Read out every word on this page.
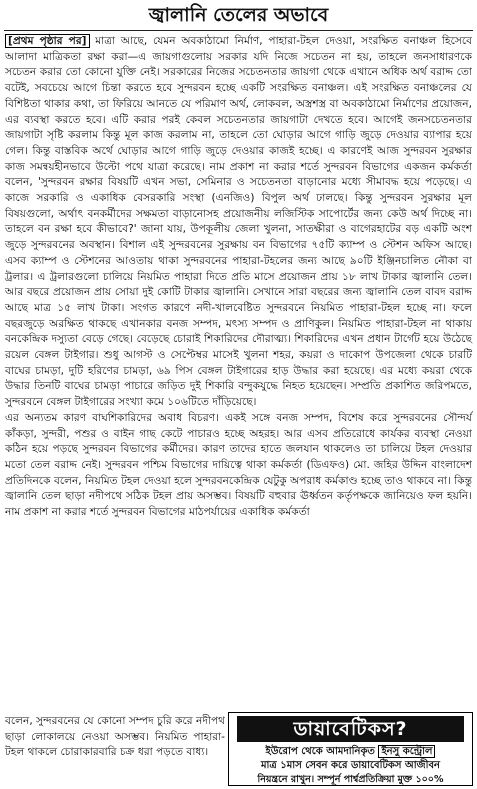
জ্বালানি তেলের অভাবে

[প্রথম পৃষ্ঠার পর] মাত্রা আছে, যেমন অবকাঠামো নির্মাণ, পাহারা-টহল দেওয়া, সংরক্ষিত বনাঞ্চল হিসেবে আলাদা মাত্রিকতা রক্ষা করা—এ জায়গাগুলোয় সরকার যদি নিজে সচেতন না হয়, তাহলে জনসাধারণকে সচেতন করার তো কোনো যুক্তি নেই। সরকারের নিজের সচেতনতার জায়গা থেকে এখানে অধিক অর্থ বরাদ্দ তো বটেই, সবচেয়ে আগে চিন্তা করতে হবে সুন্দরবন হচ্ছে একটি সংরক্ষিত বনাঞ্চল। এই সংরক্ষিত বনাঞ্চলের যে বিশিষ্টতা থাকার কথা, তা ফিরিয়ে আনতে যে পরিমাণ অর্থ, লোকবল, অস্ত্রশস্ত্র বা অবকাঠামো নির্মাণের প্রয়োজন, এর ব্যবস্থা করতে হবে। এটি করার পরই কেবল সচেতনতার জায়গাটা দেখতে হবে। আগেই জনসচেতনতার জায়গাটা সৃষ্টি করলাম কিন্তু মূল কাজ করলাম না, তাহলে তো ঘোড়ার আগে গাড়ি জুড়ে দেওয়ার ব্যাপার হয়ে গেল। কিন্তু বাস্তবিক অর্থে ঘোড়ার আগে গাড়ি জুড়ে দেওয়ার কাজই হচ্ছে। এ কারণেই আজ সুন্দরবন সুরক্ষার কাজ সমন্বয়হীনভাবে উল্টো পথে যাত্রা করেছে। নাম প্রকাশ না করার শর্তে সুন্দরবন বিভাগের একজন কর্মকর্তা বলেন, 'সুন্দরবন রক্ষার বিষয়টি এখন সভা, সেমিনার ও সচেতনতা বাড়ানোর মধ্যে সীমাবদ্ধ হয়ে পড়েছে। এ কাজে সরকারি ও একাধিক বেসরকারি সংস্থা (এনজিও) বিপুল অর্থ ঢালছে। কিন্তু সুন্দরবন সুরক্ষার মূল বিষয়গুলো, অর্থাৎ বনকর্মীদের সক্ষমতা বাড়ানোসহ প্রয়োজনীয় লজিস্টিক সাপোর্টের জন্য কেউ অর্থ দিচ্ছে না। তাহলে বন রক্ষা হবে কীভাবে?' জানা যায়, উপকূলীয় জেলা খুলনা, সাতক্ষীরা ও বাগেরহাটের বড় একটি অংশ জুড়ে সুন্দরবনের অবস্থান। বিশাল এই সুন্দরবনের সুরক্ষায় বন বিভাগের ৭৫টি ক্যাম্প ও স্টেশন অফিস আছে। এসব ক্যাম্প ও স্টেশনের আওতায় থাকা সুন্দরবনের পাহারা-টহলের জন্য আছে ৯০টি ইঞ্জিনচালিত নৌকা বা ট্রলার। এ ট্রলারগুলো চালিয়ে নিয়মিত পাহারা দিতে প্রতি মাসে প্রয়োজন প্রায় ১৮ লাখ টাকার জ্বালানি তেল। আর বছরে প্রয়োজন প্রায় সোয়া দুই কোটি টাকার জ্বালানি। সেখানে সারা বছরের জন্য জ্বালানি তেল বাবদ বরাদ্দ আছে মাত্র ১৫ লাখ টাকা। সংগত কারণে নদী-খালবেষ্টিত সুন্দরবনে নিয়মিত পাহারা-টহল হচ্ছে না। ফলে বছরজুড়ে অরক্ষিত থাকছে এখানকার বনজ সম্পদ, মৎস্য সম্পদ ও প্রাণিকুল। নিয়মিত পাহারা-টহল না থাকায় বনকেন্দ্রিক দস্যুতা বেড়ে গেছে। বেড়েছে চোরাই শিকারিদের দৌরাত্ম্য। শিকারিদের এখন প্রধান টার্গেট হয়ে উঠেছে রয়েল বেঙ্গল টাইগার। শুধু আগস্ট ও সেপ্টেম্বর মাসেই খুলনা শহর, কয়রা ও দাকোপ উপজেলা থেকে চারটি বাঘের চামড়া, দুটি হরিণের চামড়া, ৬৯ পিস বেঙ্গল টাইগারের হাড় উদ্ধার করা হয়েছে। এর মধ্যে কয়রা থেকে উদ্ধার তিনটি বাঘের চামড়া পাচারে জড়িত দুই শিকারি বন্দুকযুদ্ধে নিহত হয়েছেন। সম্প্রতি প্রকাশিত জরিপমতে, সুন্দরবনে বেঙ্গল টাইগারের সংখ্যা কমে ১০৬টিতে দাঁড়িয়েছে।

এর অন্যতম কারণ বাঘশিকারিদের অবাধ বিচরণ। একই সঙ্গে বনজ সম্পদ, বিশেষ করে সুন্দরবনের সৌন্দর্য কাঁকড়া, সুন্দরী, পশুর ও বাইন গাছ কেটে পাচারও হচ্ছে অহরহ। আর এসব প্রতিরোধে কার্যকর ব্যবস্থা নেওয়া কঠিন হয়ে পড়ছে সুন্দরবন বিভাগের কর্মীদের। কারণ তাদের হাতে জলযান থাকলেও তা চালিয়ে টহল দেওয়ার মতো তেল বরাদ্দ নেই। সুন্দরবন পশ্চিম বিভাগের দায়িত্বে থাকা কর্মকর্তা (ডিএফও) মো. জহির উদ্দিন বাংলাদেশ প্রতিদিনকে বলেন, নিয়মিত টহল দেওয়া হলে সুন্দরবনকেন্দ্রিক যেটুকু অপরাধ কর্মকাণ্ড হচ্ছে তাও থাকবে না। কিন্তু জ্বালানি তেল ছাড়া নদীপথে সঠিক টহল প্রায় অসম্ভব। বিষয়টি বহুবার ঊর্ধ্বতন কর্তৃপক্ষকে জানিয়েও ফল হয়নি। নাম প্রকাশ না করার শর্তে সুন্দরবন বিভাগের মাঠপর্যায়ের একাধিক কর্মকর্তা

বলেন, সুন্দরবনের যে কোনো সম্পদ চুরি করে নদীপথ ছাড়া লোকালয়ে নেওয়া অসম্ভব। নিয়মিত পাহারা-টহল থাকলে চোরাকারবারি চক্র ধরা পড়তে বাধ্য।

ডায়াবেটিকস?
ইউরোপ থেকে আমদানিকৃত ইনসু কন্ট্রোল
মাত্র ১মাস সেবন করে ডায়াবেটিকস আজীবন
নিয়ন্ত্রনে রাখুন। সম্পূর্ন পার্শ্বপ্রতিক্রিয়া মুক্ত ১০০%
